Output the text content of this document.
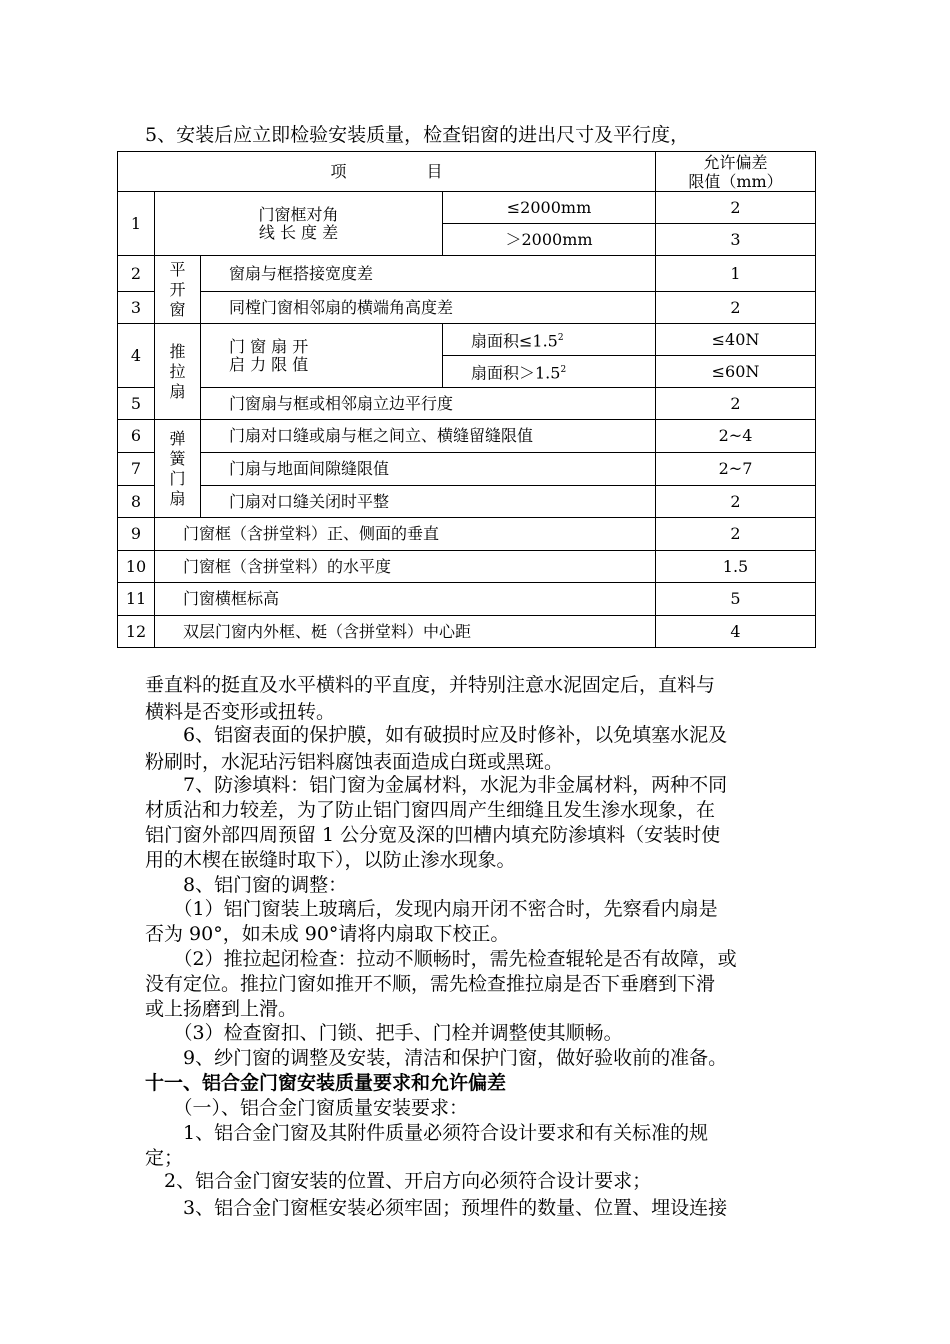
5、安装后应立即检验安装质量，检查铝窗的进出尺寸及平行度，

项　　　　　目				允许偏差
限值（mm）
1	门窗框对角
线 长 度 差		≤2000mm	2
			＞2000mm	3
2	平
开
窗	窗扇与框搭接宽度差		1
3		同樘门窗相邻扇的横端角高度差		2
4	推
拉
扇	门 窗 扇 开
启 力 限 值	扇面积$\le 1.5^2$	≤40N
			扇面积$>1.5^2$	≤60N
5		门窗扇与框或相邻扇立边平行度		2
6	弹
簧
门
扇	门扇对口缝或扇与框之间立、横缝留缝限值		2~4
7		门扇与地面间隙缝限值		2~7
8		门扇对口缝关闭时平整		2
9	门窗框（含拼堂料）正、侧面的垂直			2
10	门窗框（含拼堂料）的水平度			1.5
11	门窗横框标高			5
12	双层门窗内外框、梃（含拼堂料）中心距			4

垂直料的挺直及水平横料的平直度，并特别注意水泥固定后，直料与

横料是否变形或扭转。

　　6、铝窗表面的保护膜，如有破损时应及时修补，以免填塞水泥及

粉刷时，水泥玷污铝料腐蚀表面造成白斑或黑斑。

　　7、防渗填料：铝门窗为金属材料，水泥为非金属材料，两种不同

材质沾和力较差，为了防止铝门窗四周产生细缝且发生渗水现象，在

铝门窗外部四周预留 1 公分宽及深的凹槽内填充防渗填料（安装时使

用的木楔在嵌缝时取下），以防止渗水现象。

　　8、铝门窗的调整：

　　（1）铝门窗装上玻璃后，发现内扇开闭不密合时，先察看内扇是

否为 90°，如未成 90°请将内扇取下校正。

　　（2）推拉起闭检查：拉动不顺畅时，需先检查辊轮是否有故障，或

没有定位。推拉门窗如推开不顺，需先检查推拉扇是否下垂磨到下滑

或上扬磨到上滑。

　　（3）检查窗扣、门锁、把手、门栓并调整使其顺畅。

　　9、纱门窗的调整及安装，清洁和保护门窗，做好验收前的准备。

十一、铝合金门窗安装质量要求和允许偏差

　　（一）、铝合金门窗质量安装要求：

　　1、铝合金门窗及其附件质量必须符合设计要求和有关标准的规

定；

　2、铝合金门窗安装的位置、开启方向必须符合设计要求；

　　3、铝合金门窗框安装必须牢固；预埋件的数量、位置、埋设连接
